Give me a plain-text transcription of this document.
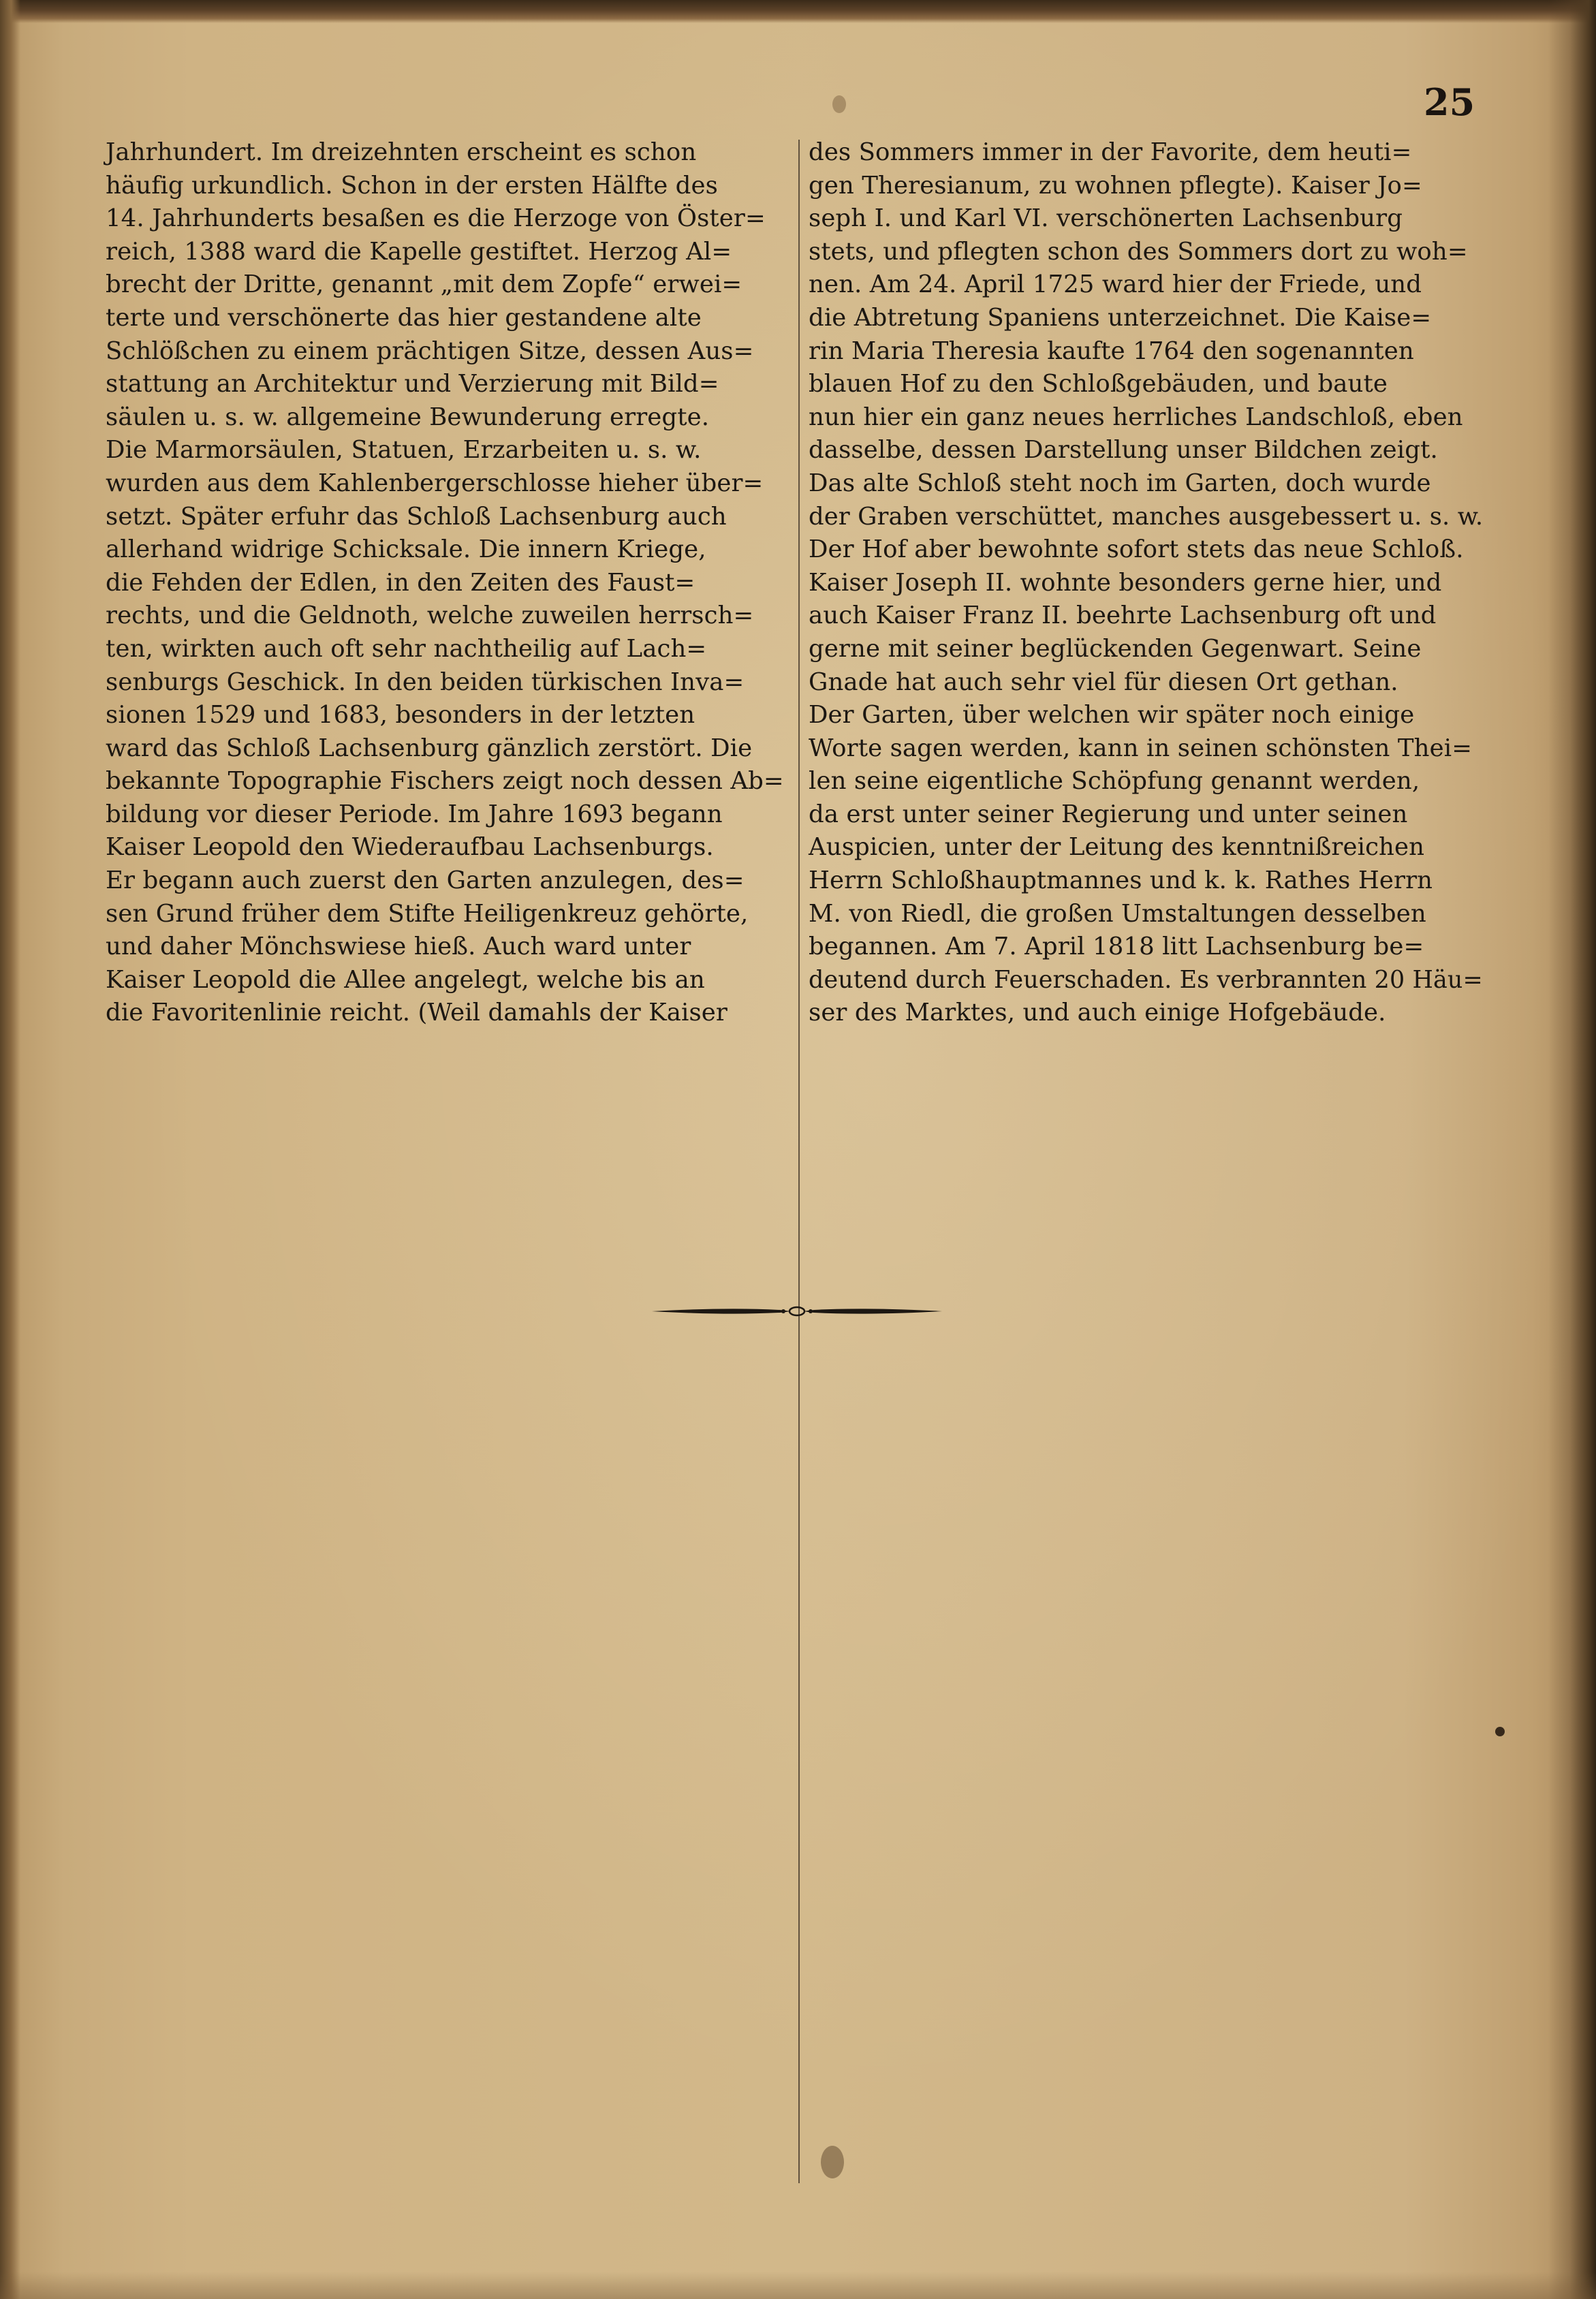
25
Jahrhundert. Im dreizehnten erscheint es schon
häufig urkundlich. Schon in der ersten Hälfte des
14. Jahrhunderts besaßen es die Herzoge von Öster=
reich, 1388 ward die Kapelle gestiftet. Herzog Al=
brecht der Dritte, genannt „mit dem Zopfe“ erwei=
terte und verschönerte das hier gestandene alte
Schlößchen zu einem prächtigen Sitze, dessen Aus=
stattung an Architektur und Verzierung mit Bild=
säulen u. s. w. allgemeine Bewunderung erregte.
Die Marmorsäulen, Statuen, Erzarbeiten u. s. w.
wurden aus dem Kahlenbergerschlosse hieher über=
setzt. Später erfuhr das Schloß Lachsenburg auch
allerhand widrige Schicksale. Die innern Kriege,
die Fehden der Edlen, in den Zeiten des Faust=
rechts, und die Geldnoth, welche zuweilen herrsch=
ten, wirkten auch oft sehr nachtheilig auf Lach=
senburgs Geschick. In den beiden türkischen Inva=
sionen 1529 und 1683, besonders in der letzten
ward das Schloß Lachsenburg gänzlich zerstört. Die
bekannte Topographie Fischers zeigt noch dessen Ab=
bildung vor dieser Periode. Im Jahre 1693 begann
Kaiser Leopold den Wiederaufbau Lachsenburgs.
Er begann auch zuerst den Garten anzulegen, des=
sen Grund früher dem Stifte Heiligenkreuz gehörte,
und daher Mönchswiese hieß. Auch ward unter
Kaiser Leopold die Allee angelegt, welche bis an
die Favoritenlinie reicht. (Weil damahls der Kaiser
des Sommers immer in der Favorite, dem heuti=
gen Theresianum, zu wohnen pflegte). Kaiser Jo=
seph I. und Karl VI. verschönerten Lachsenburg
stets, und pflegten schon des Sommers dort zu woh=
nen. Am 24. April 1725 ward hier der Friede, und
die Abtretung Spaniens unterzeichnet. Die Kaise=
rin Maria Theresia kaufte 1764 den sogenannten
blauen Hof zu den Schloßgebäuden, und baute
nun hier ein ganz neues herrliches Landschloß, eben
dasselbe, dessen Darstellung unser Bildchen zeigt.
Das alte Schloß steht noch im Garten, doch wurde
der Graben verschüttet, manches ausgebessert u. s. w.
Der Hof aber bewohnte sofort stets das neue Schloß.
Kaiser Joseph II. wohnte besonders gerne hier, und
auch Kaiser Franz II. beehrte Lachsenburg oft und
gerne mit seiner beglückenden Gegenwart. Seine
Gnade hat auch sehr viel für diesen Ort gethan.
Der Garten, über welchen wir später noch einige
Worte sagen werden, kann in seinen schönsten Thei=
len seine eigentliche Schöpfung genannt werden,
da erst unter seiner Regierung und unter seinen
Auspicien, unter der Leitung des kenntnißreichen
Herrn Schloßhauptmannes und k. k. Rathes Herrn
M. von Riedl, die großen Umstaltungen desselben
begannen. Am 7. April 1818 litt Lachsenburg be=
deutend durch Feuerschaden. Es verbrannten 20 Häu=
ser des Marktes, und auch einige Hofgebäude.
